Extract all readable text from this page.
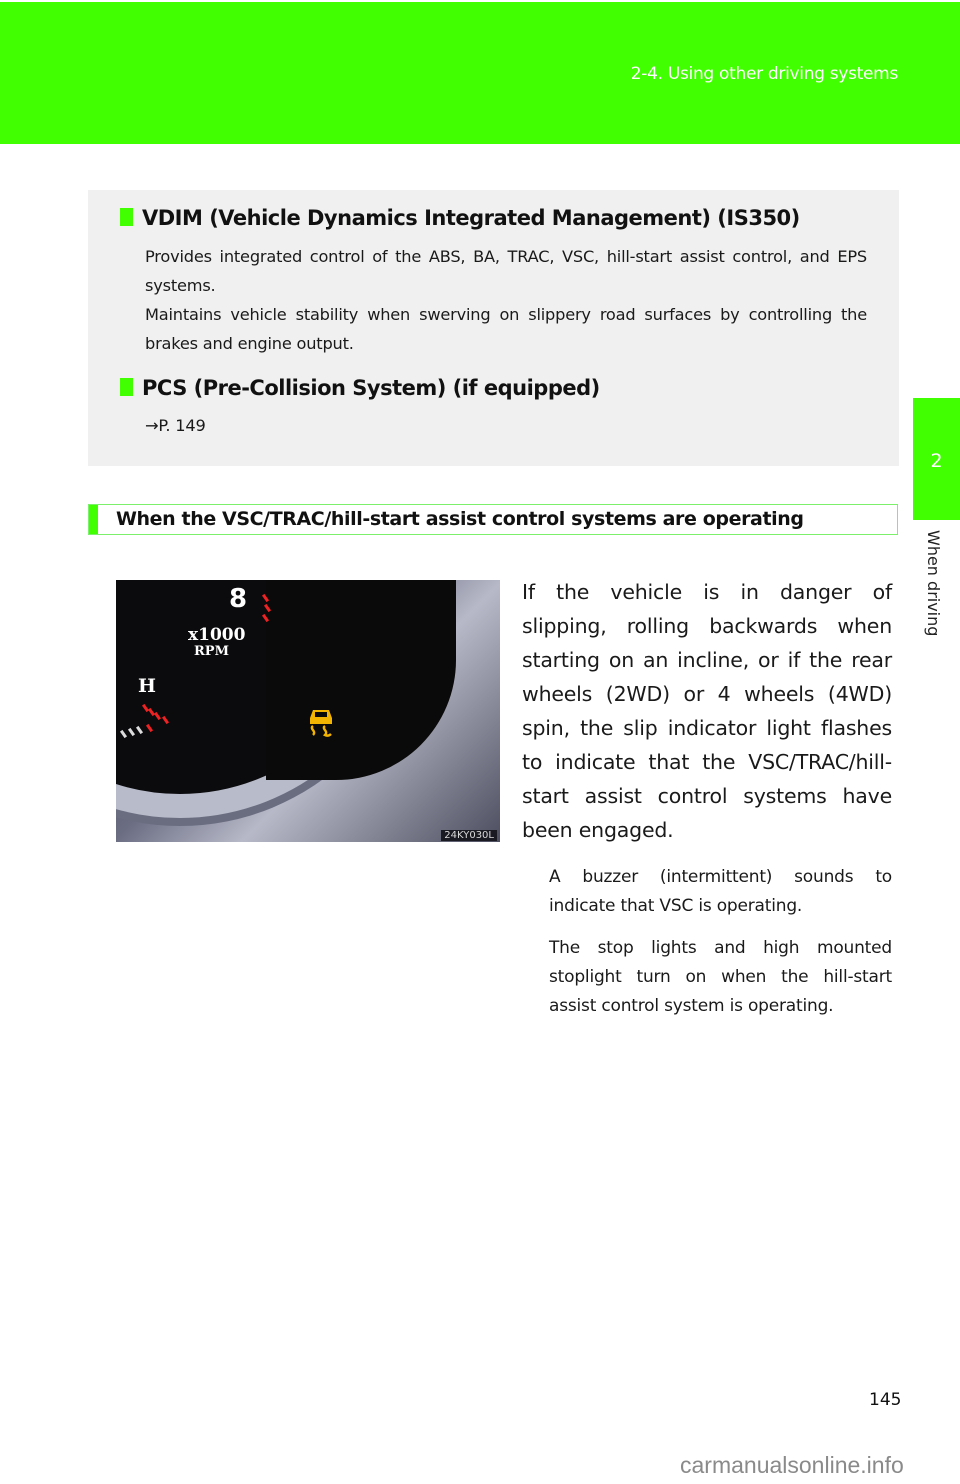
2-4. Using other driving systems
2
When driving
VDIM (Vehicle Dynamics Integrated Management) (IS350)
Provides integrated control of the ABS, BA, TRAC, VSC, hill-start assist control, and EPS systems.
Maintains vehicle stability when swerving on slippery road surfaces by controlling the brakes and engine output.
PCS (Pre-Collision System) (if equipped)
→P. 149
When the VSC/TRAC/hill-start assist control systems are operating
8
x1000
RPM
H
24KY030L
If the vehicle is in danger of slipping, rolling backwards when starting on an incline, or if the rear wheels (2WD) or 4 wheels (4WD) spin, the slip indicator light flashes to indicate that the VSC/TRAC/hill-start assist control systems have been engaged.
A buzzer (intermittent) sounds to indicate that VSC is operating.
The stop lights and high mounted stoplight turn on when the hill-start assist control system is operating.
145
carmanualsonline.info
